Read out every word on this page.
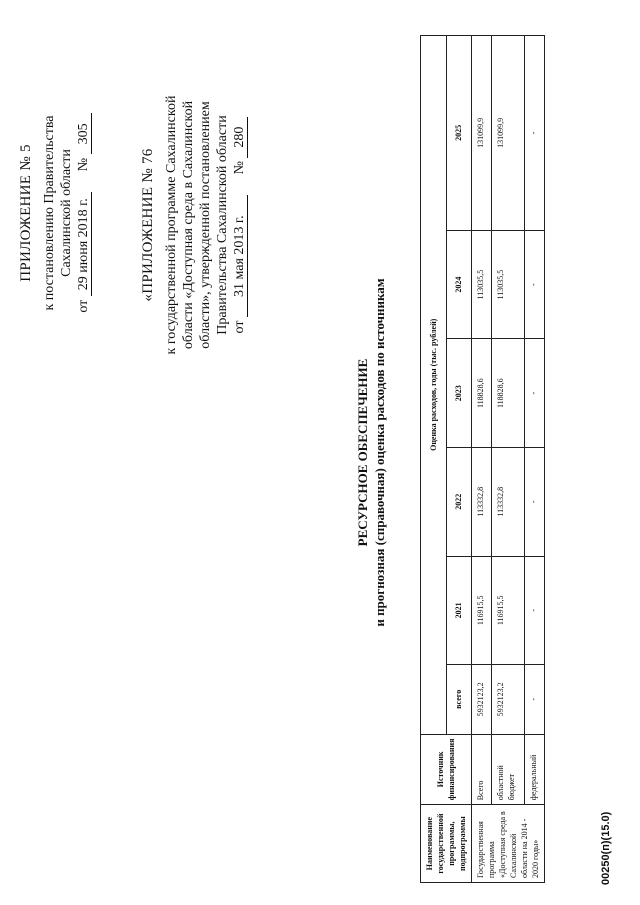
ПРИЛОЖЕНИЕ № 5 к постановлению Правительства Сахалинской области
от 29 июня 2018 г.  № 305
«ПРИЛОЖЕНИЕ № 76 к государственной программе Сахалинской области «Доступная среда в Сахалинской области», утвержденной постановлением Правительства Сахалинской области от 31 мая 2013 г.  № 280
РЕСУРСНОЕ ОБЕСПЕЧЕНИЕ и прогнозная (справочная) оценка расходов по источникам
Наименование государственной программы, подпрограммы	Источник финансирования	Оценка расходов, годы (тыс. рублей)					
		всего	2021	2022	2023	2024	2025
Государственная программа «Доступная среда в Сахалинской области на 2014 - 2020 годы»	Всего	5932123,2	116915,5	113332,8	118828,6	113035,5	131099,9
	областной бюджет	5932123,2	116915,5	113332,8	118828,6	113035,5	131099,9
	федеральный	-	-	-	-	-	-
00250(п)(15.0)
